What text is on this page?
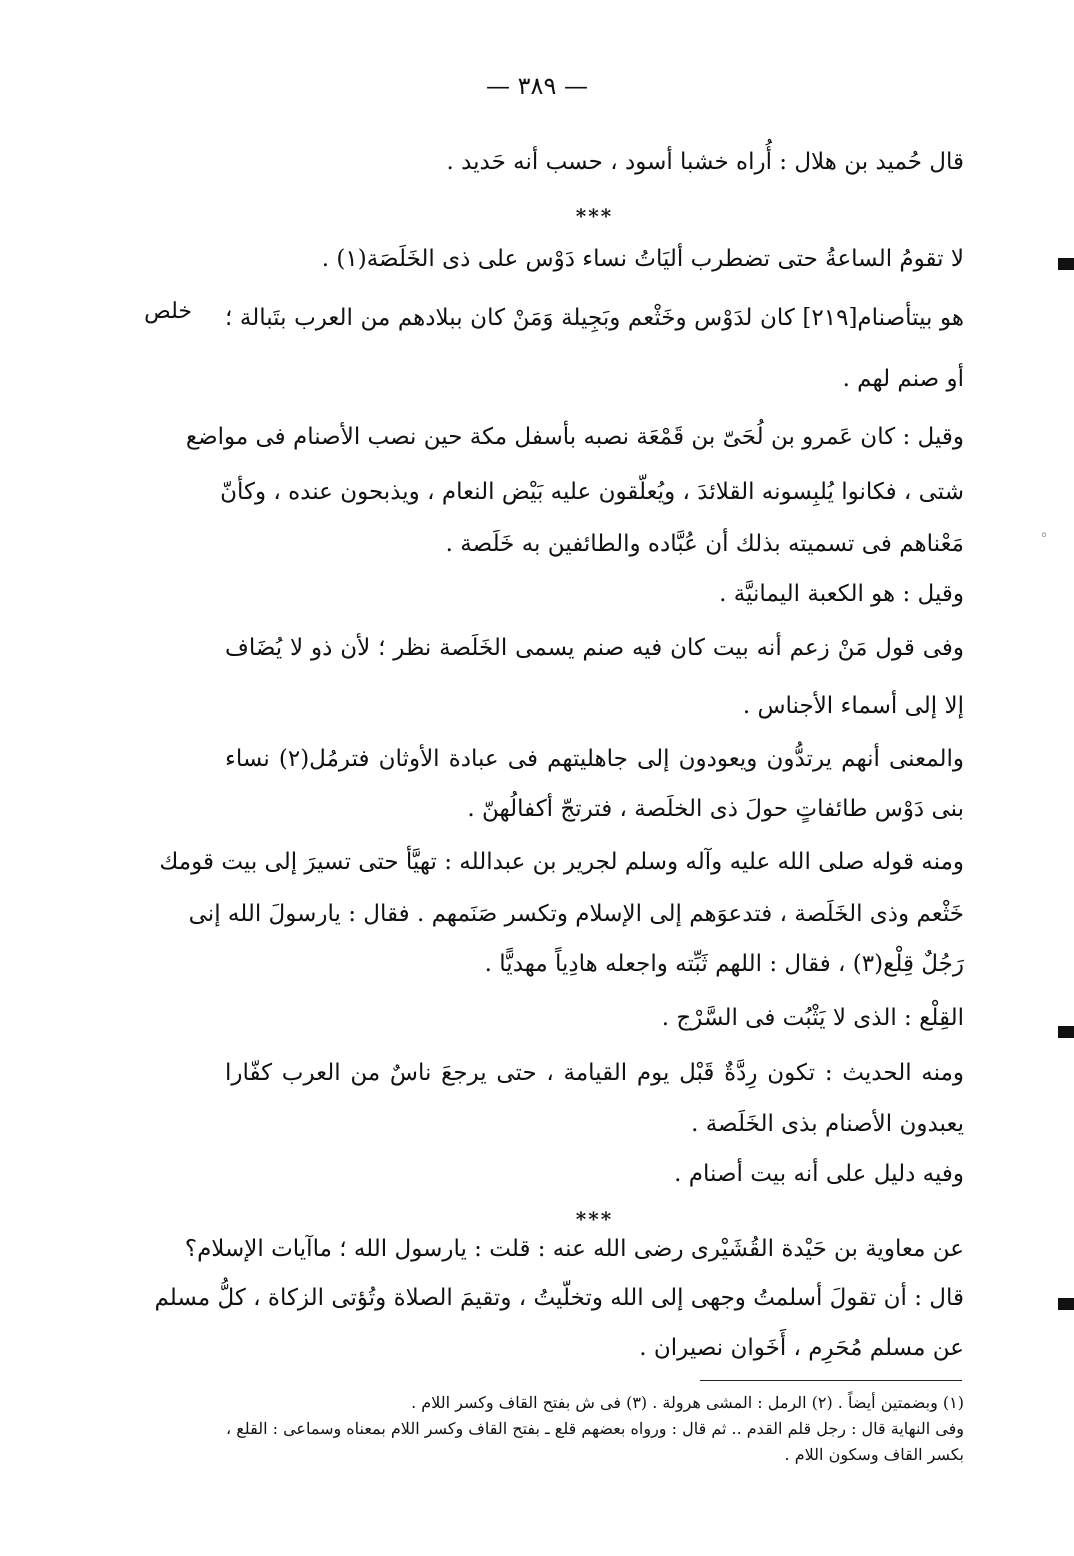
— ٣٨٩ —
قال حُميد بن هلال : أُراه خشبا أسود ، حسب أنه حَديد .
***
لا تقومُ الساعةُ حتى تضطرب أليَاتُ نساء دَوْس على ذى الخَلَصَة(١) .
خلص هو بيتأصنام[٢١٩] كان لدَوْس وخَثْعم وبَجِيلة وَمَنْ كان ببلادهم من العرب بتَبالة ؛
أو صنم لهم .
وقيل : كان عَمرو بن لُحَىّ بن قَمْعَة نصبه بأسفل مكة حين نصب الأصنام فى مواضع
شتى ، فكانوا يُلبِسونه القلائدَ ، ويُعلّقون عليه بَيْض النعام ، ويذبحون عنده ، وكأنّ
مَعْناهم فى تسميته بذلك أن عُبَّاده والطائفين به خَلَصة .
وقيل : هو الكعبة اليمانيَّة .
وفى قول مَنْ زعم أنه بيت كان فيه صنم يسمى الخَلَصة نظر ؛ لأن ذو لا يُضَاف
إلا إلى أسماء الأجناس .
والمعنى أنهم يرتدُّون ويعودون إلى جاهليتهم فى عبادة الأوثان فترمُل(٢) نساء
بنى دَوْس طائفاتٍ حولَ ذى الخلَصة ، فترتجّ أكفالُهنّ .
ومنه قوله صلى الله عليه وآله وسلم لجرير بن عبدالله : تهيَّأ حتى تسيرَ إلى بيت قومك
خَثْعم وذى الخَلَصة ، فتدعوَهم إلى الإسلام وتكسر صَنَمهم . فقال : يارسولَ الله إنى
رَجُلٌ قِلْع(٣) ، فقال : اللهم ثَبِّته واجعله هادِياً مهديًّا .
القِلْع : الذى لا يَثْبُت فى السَّرْج .
ومنه الحديث : تكون رِدَّةٌ قَبْل يوم القيامة ، حتى يرجعَ ناسٌ من العرب كفّارا
يعبدون الأصنام بذى الخَلَصة .
وفيه دليل على أنه بيت أصنام .
***
عن معاوية بن حَيْدة القُشَيْرى رضى الله عنه : قلت : يارسول الله ؛ ماآيات الإسلام؟
قال : أن تقولَ أسلمتُ وجهى إلى الله وتخلّيتُ ، وتقيمَ الصلاة وتُؤتى الزكاة ، كلُّ مسلم
عن مسلم مُحَرِم ، أَخَوان نصيران .
(١) وبضمتين أيضاً . (٢) الرمل : المشى هرولة . (٣) فى ش بفتح القاف وكسر اللام .
وفى النهاية قال : رجل قلم القدم .. ثم قال : ورواه بعضهم قلع ـ بفتح القاف وكسر اللام بمعناه وسماعى : القلع ،
بكسر القاف وسكون اللام .
◦
